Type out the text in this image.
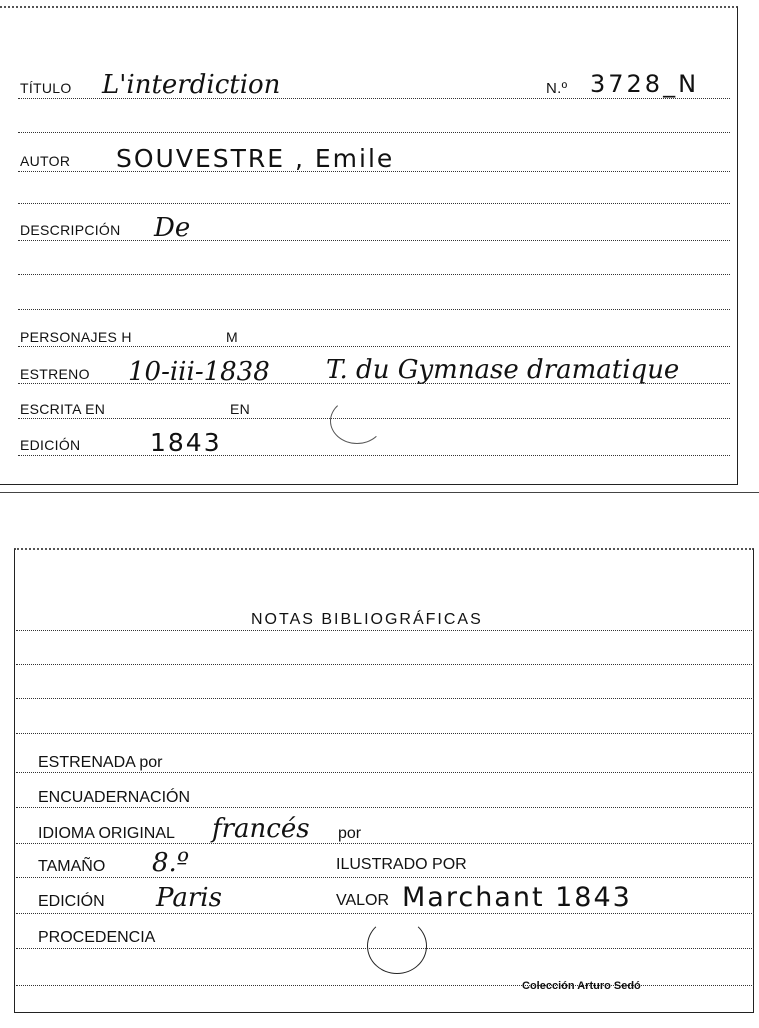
TÍTULO L'interdiction	N.º 3728_N
AUTOR SOUVESTRE , Emile
DESCRIPCIÓN De
PERSONAJES H	M
ESTRENO 10-iii-1838 T. du Gymnase dramatique
ESCRITA EN	EN
EDICIÓN	1843
NOTAS BIBLIOGRÁFICAS
ESTRENADA por
ENCUADERNACIÓN
IDIOMA ORIGINAL francés por
TAMAÑO 8.º	ILUSTRADO POR
EDICIÓN Paris	VALOR Marchant 1843
PROCEDENCIA
Colección Arturo Sedó
